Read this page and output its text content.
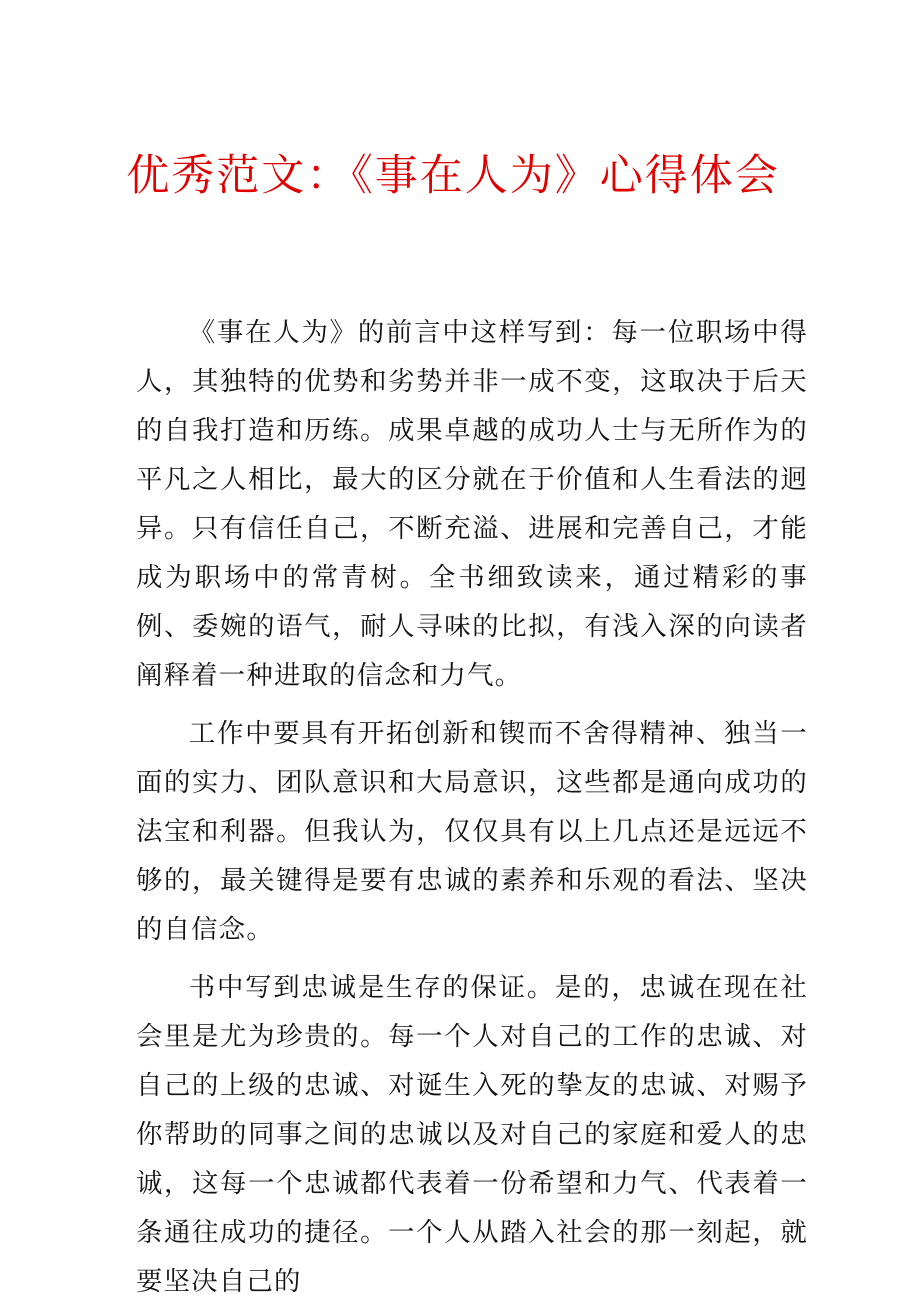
优秀范文：《事在人为》心得体会

《事在人为》的前言中这样写到：每一位职场中得人，其独特的优势和劣势并非一成不变，这取决于后天的自我打造和历练。成果卓越的成功人士与无所作为的平凡之人相比，最大的区分就在于价值和人生看法的迥异。只有信任自己，不断充溢、进展和完善自己，才能成为职场中的常青树。全书细致读来，通过精彩的事例、委婉的语气，耐人寻味的比拟，有浅入深的向读者阐释着一种进取的信念和力气。

工作中要具有开拓创新和锲而不舍得精神、独当一面的实力、团队意识和大局意识，这些都是通向成功的法宝和利器。但我认为，仅仅具有以上几点还是远远不够的，最关键得是要有忠诚的素养和乐观的看法、坚决的自信念。

书中写到忠诚是生存的保证。是的，忠诚在现在社会里是尤为珍贵的。每一个人对自己的工作的忠诚、对自己的上级的忠诚、对诞生入死的挚友的忠诚、对赐予你帮助的同事之间的忠诚以及对自己的家庭和爱人的忠诚，这每一个忠诚都代表着一份希望和力气、代表着一条通往成功的捷径。一个人从踏入社会的那一刻起，就要坚决自己的
